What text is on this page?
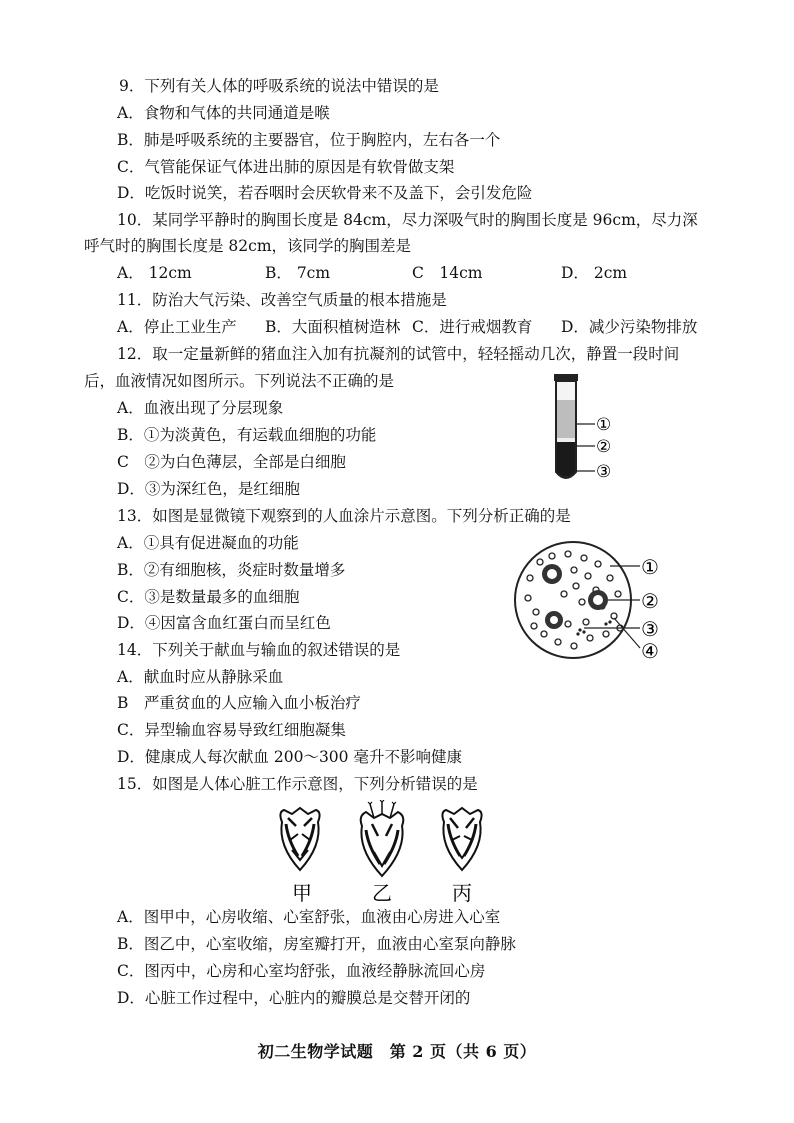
9．下列有关人体的呼吸系统的说法中错误的是
A．食物和气体的共同通道是喉
B．肺是呼吸系统的主要器官，位于胸腔内，左右各一个
C．气管能保证气体进出肺的原因是有软骨做支架
D．吃饭时说笑，若吞咽时会厌软骨来不及盖下，会引发危险
10．某同学平静时的胸围长度是 84cm，尽力深吸气时的胸围长度是 96cm，尽力深
呼气时的胸围长度是 82cm，该同学的胸围差是
A． 12cm	B． 7cm	C　14cm	D． 2cm
11．防治大气污染、改善空气质量的根本措施是
A．停止工业生产 B．大面积植树造林 C．进行戒烟教育 D．减少污染物排放
12．取一定量新鲜的猪血注入加有抗凝剂的试管中，轻轻摇动几次，静置一段时间
后，血液情况如图所示。下列说法不正确的是
A．血液出现了分层现象
B．①为淡黄色，有运载血细胞的功能
C　②为白色薄层，全部是白细胞
D．③为深红色，是红细胞
①
②
③
13．如图是显微镜下观察到的人血涂片示意图。下列分析正确的是
A．①具有促进凝血的功能
B．②有细胞核，炎症时数量增多
C．③是数量最多的血细胞
D．④因富含血红蛋白而呈红色
①
②
③
④
14．下列关于献血与输血的叙述错误的是
A．献血时应从静脉采血
B　严重贫血的人应输入血小板治疗
C．异型输血容易导致红细胞凝集
D．健康成人每次献血 200～300 毫升不影响健康
15．如图是人体心脏工作示意图，下列分析错误的是
甲	乙	丙
A．图甲中，心房收缩、心室舒张，血液由心房进入心室
B．图乙中，心室收缩，房室瓣打开，血液由心室泵向静脉
C．图丙中，心房和心室均舒张，血液经静脉流回心房
D．心脏工作过程中，心脏内的瓣膜总是交替开闭的
初二生物学试题　第 2 页（共 6 页）
